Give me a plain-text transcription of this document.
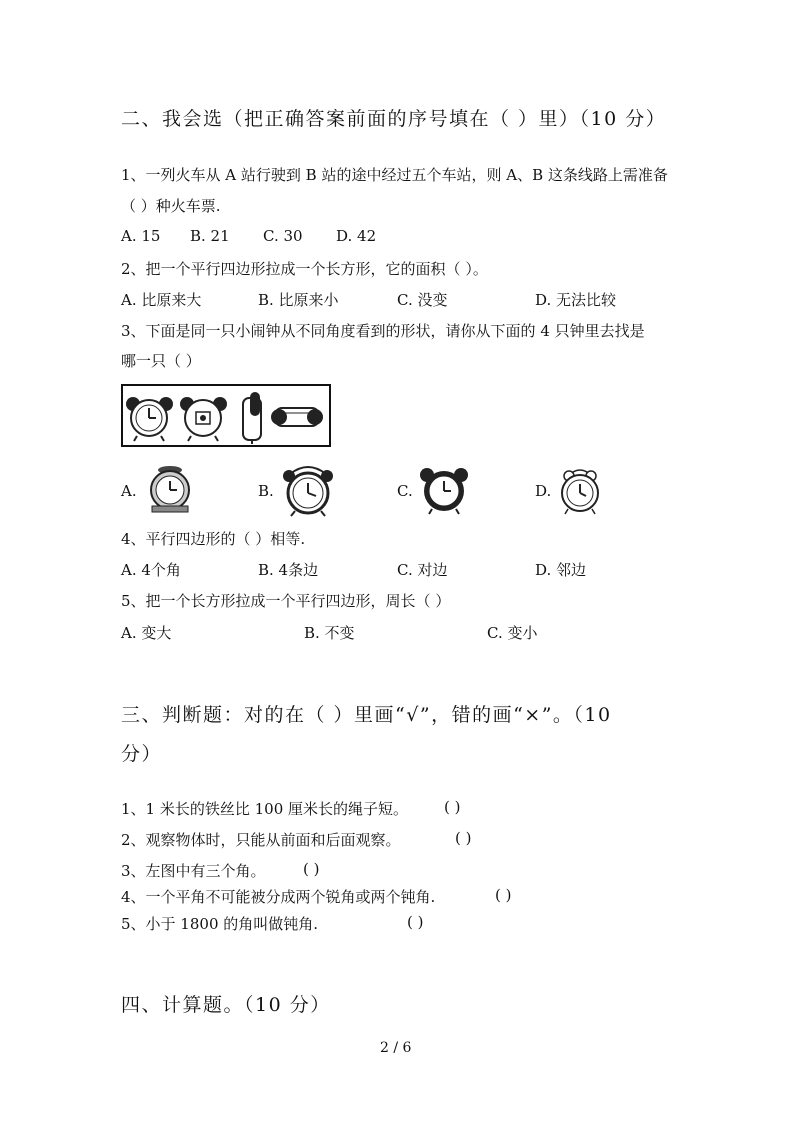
二、我会选（把正确答案前面的序号填在（ ）里）（10 分）
1、一列火车从 A 站行驶到 B 站的途中经过五个车站，则 A、B 这条线路上需准备
（ ）种火车票.
A. 15 B. 21 C. 30 D. 42
2、把一个平行四边形拉成一个长方形，它的面积（ ）。
A. 比原来大	B. 比原来小	C. 没变	D. 无法比较
3、下面是同一只小闹钟从不同角度看到的形状，请你从下面的 4 只钟里去找是
哪一只（ ）
A.	B.	C.	D.
4、平行四边形的（ ）相等.
A. 4个角	B. 4条边	C. 对边	D. 邻边
5、把一个长方形拉成一个平行四边形，周长（ ）
A. 变大	B. 不变	C. 变小
三、判断题：对的在（ ）里画“√”，错的画“×”。（10
分）
1、1 米长的铁丝比 100 厘米长的绳子短。 ( )
2、观察物体时，只能从前面和后面观察。	( )
3、左图中有三个角。 ( )
4、一个平角不可能被分成两个锐角或两个钝角.	( )
5、小于 1800 的角叫做钝角.	( )
四、计算题。（10 分）
2 / 6
